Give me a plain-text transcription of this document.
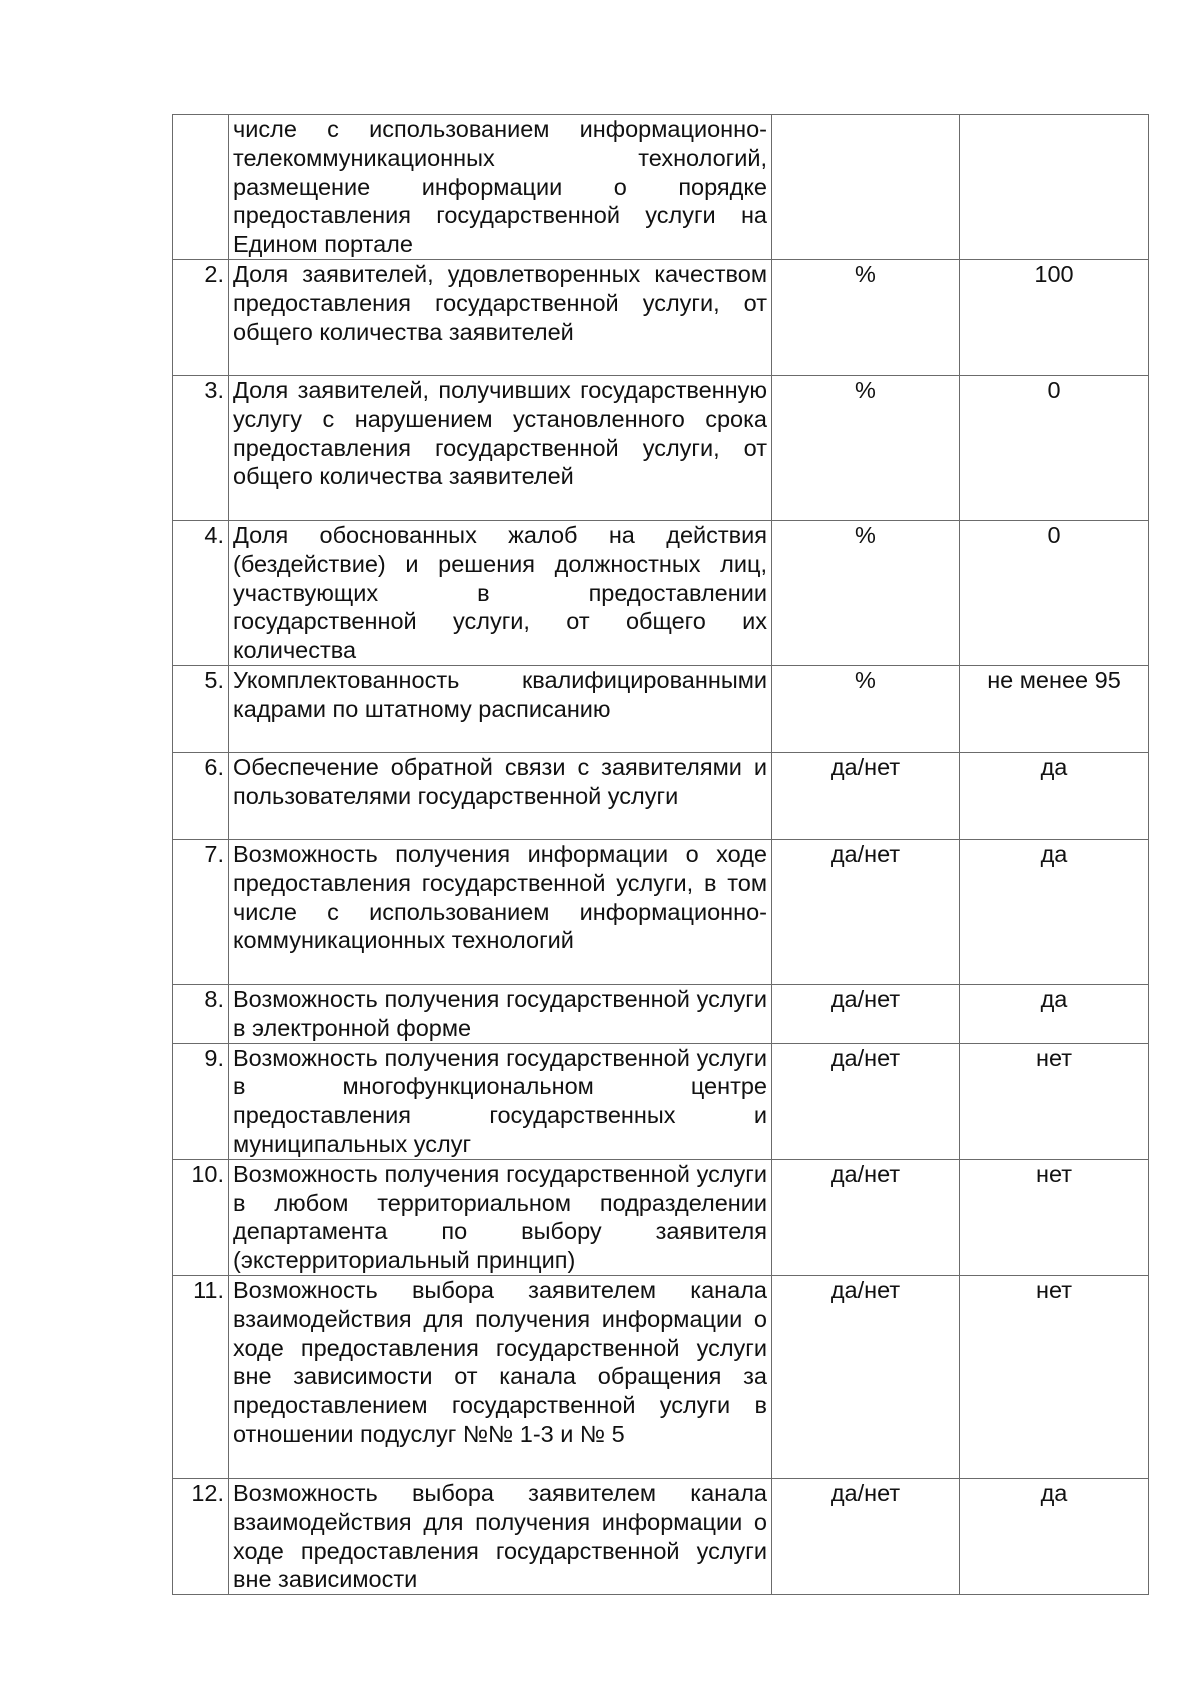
	числе с использованием информационно-телекоммуникационных технологий, размещение информации о порядке предоставления государственной услуги на Едином портале		
2.	Доля заявителей, удовлетворенных качеством предоставления государственной услуги, от общего количества заявителей	%	100
3.	Доля заявителей, получивших государственную услугу с нарушением установленного срока предоставления государственной услуги, от общего количества заявителей	%	0
4.	Доля обоснованных жалоб на действия (бездействие) и решения должностных лиц, участвующих в предоставлении государственной услуги, от общего их количества	%	0
5.	Укомплектованность квалифицированными кадрами по штатному расписанию	%	не менее 95
6.	Обеспечение обратной связи с заявителями и пользователями государственной услуги	да/нет	да
7.	Возможность получения информации о ходе предоставления государственной услуги, в том числе с использованием информационно-коммуникационных технологий	да/нет	да
8.	Возможность получения государственной услуги в электронной форме	да/нет	да
9.	Возможность получения государственной услуги в многофункциональном центре предоставления государственных и муниципальных услуг	да/нет	нет
10.	Возможность получения государственной услуги в любом территориальном подразделении департамента по выбору заявителя (экстерриториальный принцип)	да/нет	нет
11.	Возможность выбора заявителем канала взаимодействия для получения информации о ходе предоставления государственной услуги вне зависимости от канала обращения за предоставлением государственной услуги в отношении подуслуг №№ 1-3 и № 5	да/нет	нет
12.	Возможность выбора заявителем канала взаимодействия для получения информации о ходе предоставления государственной услуги вне зависимости	да/нет	да
